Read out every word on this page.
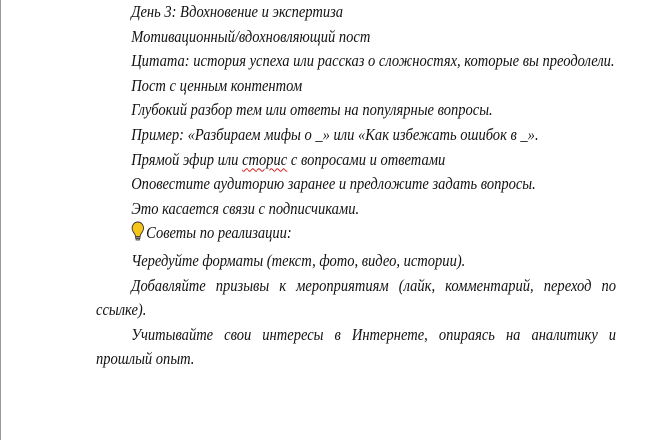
День 3: Вдохновение и экспертиза

Мотивационный/вдохновляющий пост

Цитата: история успеха или рассказ о сложностях, которые вы преодолели.

Пост с ценным контентом

Глубокий разбор тем или ответы на популярные вопросы.

Пример: «Разбираем мифы о _» или «Как избежать ошибок в _».

Прямой эфир или сторис с вопросами и ответами

Оповестите аудиторию заранее и предложите задать вопросы.

Это касается связи с подписчиками.

Советы по реализации:

Чередуйте форматы (текст, фото, видео, истории).

Добавляйте призывы к мероприятиям (лайк, комментарий, переход по ссылке).

Учитывайте свои интересы в Интернете, опираясь на аналитику и прошлый опыт.
